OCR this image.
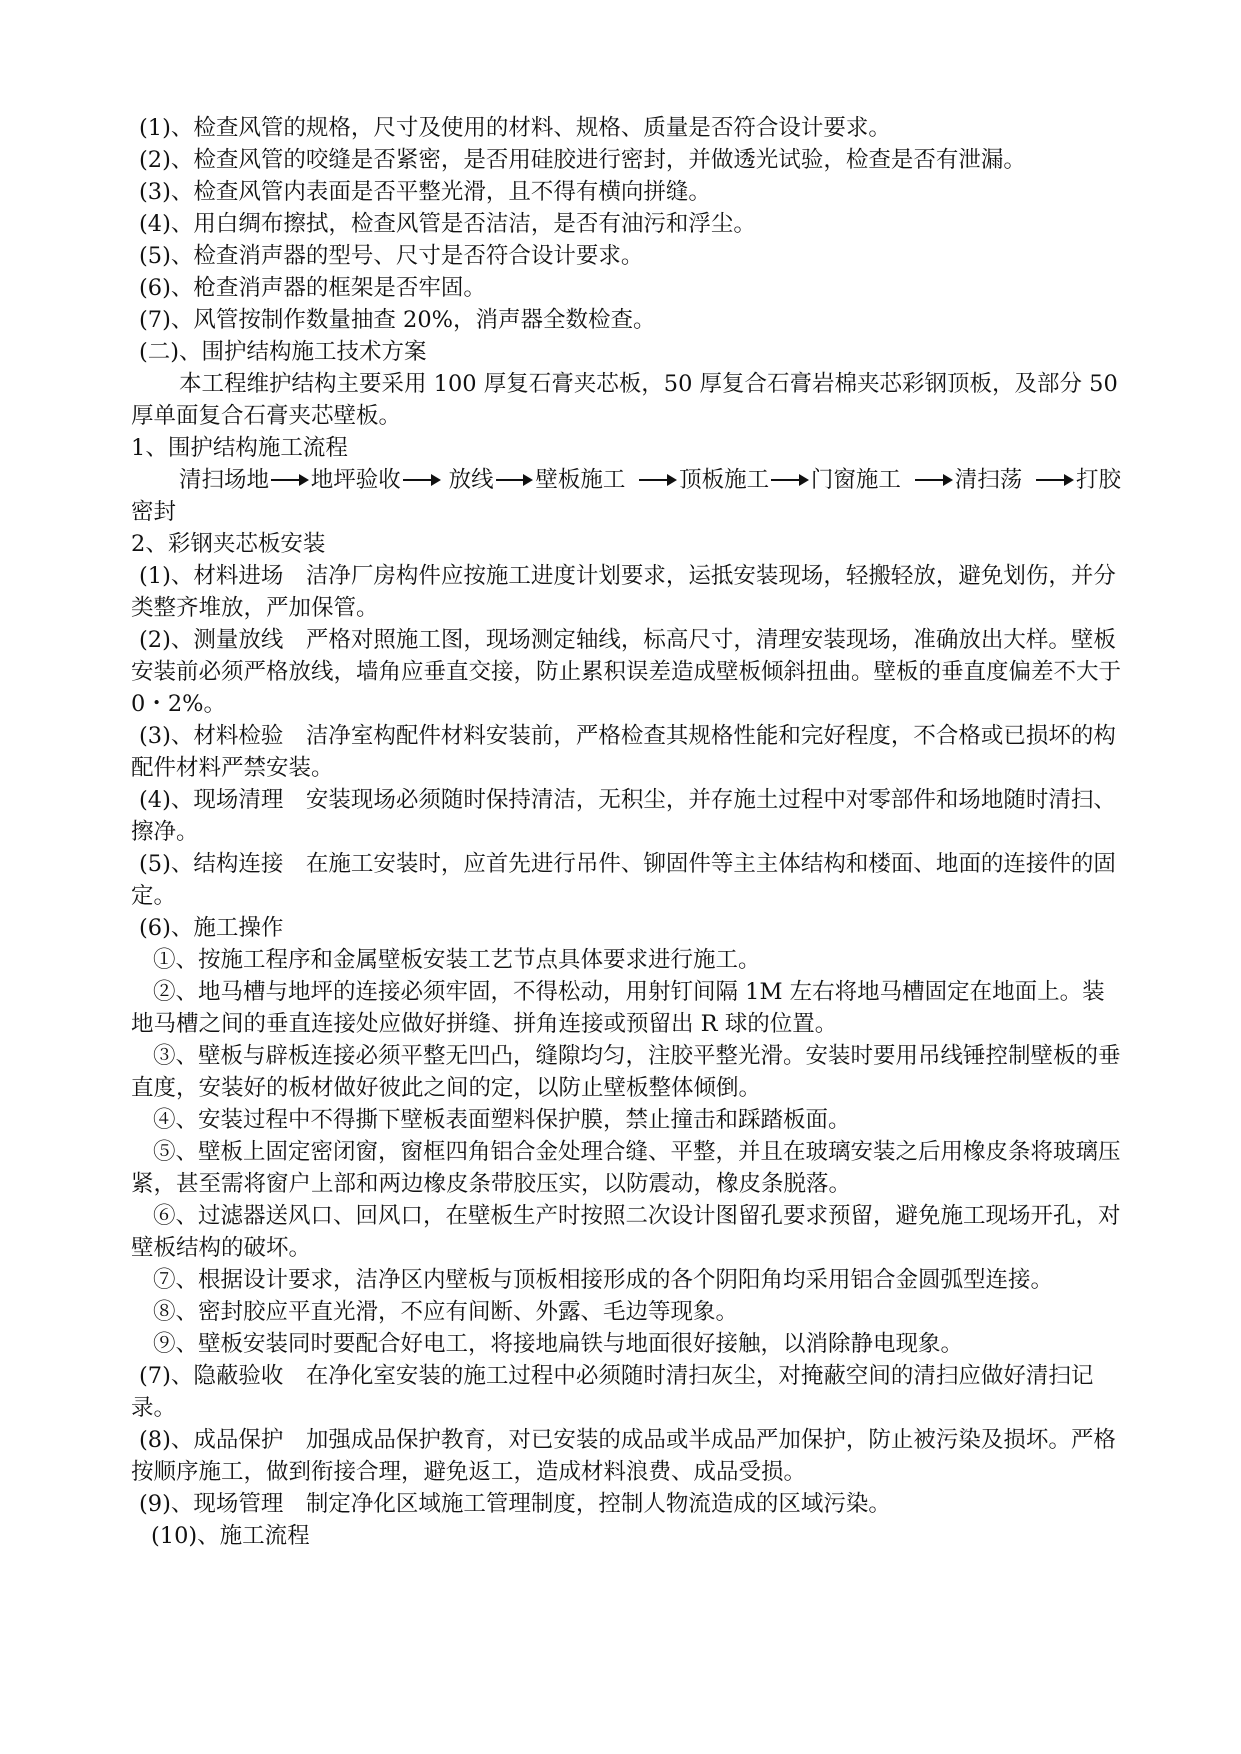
(1)、检查风管的规格，尺寸及使用的材料、规格、质量是否符合设计要求。

(2)、检查风管的咬缝是否紧密，是否用硅胶进行密封，并做透光试验，检查是否有泄漏。

(3)、检查风管内表面是否平整光滑，且不得有横向拼缝。

(4)、用白绸布擦拭，检查风管是否洁洁，是否有油污和浮尘。

(5)、检查消声器的型号、尺寸是否符合设计要求。

(6)、枪查消声器的框架是否牢固。

(7)、风管按制作数量抽查 20%，消声器全数检查。

(二)、围护结构施工技术方案

本工程维护结构主要采用 100 厚复石膏夹芯板，50 厚复合石膏岩棉夹芯彩钢顶板，及部分 50 厚单面复合石膏夹芯壁板。

1、围护结构施工流程

清扫场地 地坪验收 放线 壁板施工 顶板施工 门窗施工 清扫荡 打胶

密封

2、彩钢夹芯板安装

(1)、材料进场　洁净厂房构件应按施工进度计划要求，运抵安装现场，轻搬轻放，避免划伤，并分类整齐堆放，严加保管。

(2)、测量放线　严格对照施工图，现场测定轴线，标高尺寸，清理安装现场，准确放出大样。壁板安装前必须严格放线，墙角应垂直交接，防止累积误差造成壁板倾斜扭曲。壁板的垂直度偏差不大于 0・2%。

(3)、材料检验　洁净室构配件材料安装前，严格检查其规格性能和完好程度，不合格或已损坏的构配件材料严禁安装。

(4)、现场清理　安装现场必须随时保持清洁，无积尘，并存施土过程中对零部件和场地随时清扫、擦净。

(5)、结构连接　在施工安装时，应首先进行吊件、铆固件等主主体结构和楼面、地面的连接件的固定。

(6)、施工操作

①、按施工程序和金属壁板安装工艺节点具体要求进行施工。

②、地马槽与地坪的连接必须牢固，不得松动，用射钉间隔 1M 左右将地马槽固定在地面上。装地马槽之间的垂直连接处应做好拼缝、拼角连接或预留出 R 球的位置。

③、壁板与辟板连接必须平整无凹凸，缝隙均匀，注胶平整光滑。安装时要用吊线锤控制壁板的垂直度，安装好的板材做好彼此之间的定，以防止壁板整体倾倒。

④、安装过程中不得撕下壁板表面塑料保护膜，禁止撞击和踩踏板面。

⑤、壁板上固定密闭窗，窗框四角铝合金处理合缝、平整，并且在玻璃安装之后用橡皮条将玻璃压紧，甚至需将窗户上部和两边橡皮条带胶压实，以防震动，橡皮条脱落。

⑥、过滤器送风口、回风口，在壁板生产时按照二次设计图留孔要求预留，避免施工现场开孔，对壁板结构的破坏。

⑦、根据设计要求，洁净区内壁板与顶板相接形成的各个阴阳角均采用铝合金圆弧型连接。

⑧、密封胶应平直光滑，不应有间断、外露、毛边等现象。

⑨、壁板安装同时要配合好电工，将接地扁铁与地面很好接触，以消除静电现象。

(7)、隐蔽验收　在净化室安装的施工过程中必须随时清扫灰尘，对掩蔽空间的清扫应做好清扫记录。

(8)、成品保护　加强成品保护教育，对已安装的成品或半成品严加保护，防止被污染及损坏。严格按顺序施工，做到衔接合理，避免返工，造成材料浪费、成品受损。

(9)、现场管理　制定净化区域施工管理制度，控制人物流造成的区域污染。

(10)、施工流程
